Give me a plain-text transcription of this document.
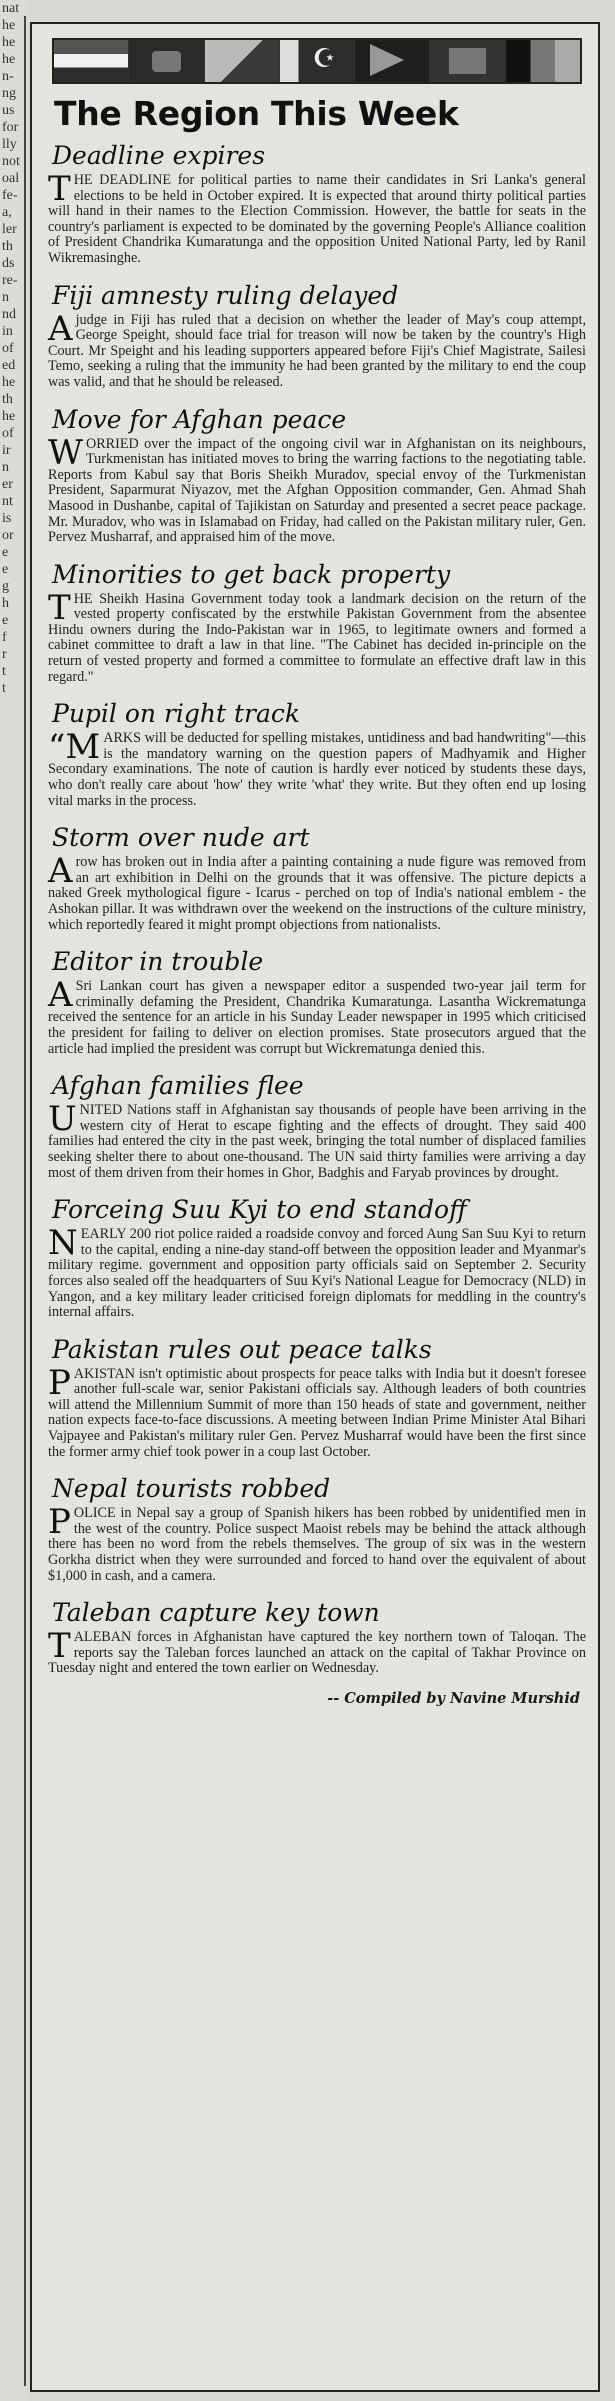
nat
he
he
he
n-
ng
us
for
lly
not
oal
fe-
a,
ler
th
ds
re-
n
nd
in
of
ed
he
th
he
of
ir
n
er
nt
is
or
e
e
g
h
e
f
r
t
t
☪
The Region This Week
Deadline expires

THE DEADLINE for political parties to name their candidates in Sri Lanka's general elections to be held in October expired. It is expected that around thirty political parties will hand in their names to the Election Commission. However, the battle for seats in the country's parliament is expected to be dominated by the governing People's Alliance coalition of President Chandrika Kumaratunga and the opposition United National Party, led by Ranil Wikremasinghe.

Fiji amnesty ruling delayed

A judge in Fiji has ruled that a decision on whether the leader of May's coup attempt, George Speight, should face trial for treason will now be taken by the country's High Court. Mr Speight and his leading supporters appeared before Fiji's Chief Magistrate, Sailesi Temo, seeking a ruling that the immunity he had been granted by the military to end the coup was valid, and that he should be released.

Move for Afghan peace

WORRIED over the impact of the ongoing civil war in Afghanistan on its neighbours, Turkmenistan has initiated moves to bring the warring factions to the negotiating table. Reports from Kabul say that Boris Sheikh Muradov, special envoy of the Turkmenistan President, Saparmurat Niyazov, met the Afghan Opposition commander, Gen. Ahmad Shah Masood in Dushanbe, capital of Tajikistan on Saturday and presented a secret peace package. Mr. Muradov, who was in Islamabad on Friday, had called on the Pakistan military ruler, Gen. Pervez Musharraf, and appraised him of the move.

Minorities to get back property

THE Sheikh Hasina Government today took a landmark decision on the return of the vested property confiscated by the erstwhile Pakistan Government from the absentee Hindu owners during the Indo-Pakistan war in 1965, to legitimate owners and formed a cabinet committee to draft a law in that line. "The Cabinet has decided in-principle on the return of vested property and formed a committee to formulate an effective draft law in this regard."

Pupil on right track

“MARKS will be deducted for spelling mistakes, untidiness and bad handwriting"—this is the mandatory warning on the question papers of Madhyamik and Higher Secondary examinations. The note of caution is hardly ever noticed by students these days, who don't really care about 'how' they write 'what' they write. But they often end up losing vital marks in the process.

Storm over nude art

A row has broken out in India after a painting containing a nude figure was removed from an art exhibition in Delhi on the grounds that it was offensive. The picture depicts a naked Greek mythological figure - Icarus - perched on top of India's national emblem - the Ashokan pillar. It was withdrawn over the weekend on the instructions of the culture ministry, which reportedly feared it might prompt objections from nationalists.

Editor in trouble

A Sri Lankan court has given a newspaper editor a suspended two-year jail term for criminally defaming the President, Chandrika Kumaratunga. Lasantha Wickrematunga received the sentence for an article in his Sunday Leader newspaper in 1995 which criticised the president for failing to deliver on election promises. State prosecutors argued that the article had implied the president was corrupt but Wickrematunga denied this.

Afghan families flee

UNITED Nations staff in Afghanistan say thousands of people have been arriving in the western city of Herat to escape fighting and the effects of drought. They said 400 families had entered the city in the past week, bringing the total number of displaced families seeking shelter there to about one-thousand. The UN said thirty families were arriving a day most of them driven from their homes in Ghor, Badghis and Faryab provinces by drought.

Forceing Suu Kyi to end standoff

NEARLY 200 riot police raided a roadside convoy and forced Aung San Suu Kyi to return to the capital, ending a nine-day stand-off between the opposition leader and Myanmar's military regime. government and opposition party officials said on September 2. Security forces also sealed off the headquarters of Suu Kyi's National League for Democracy (NLD) in Yangon, and a key military leader criticised foreign diplomats for meddling in the country's internal affairs.

Pakistan rules out peace talks

PAKISTAN isn't optimistic about prospects for peace talks with India but it doesn't foresee another full-scale war, senior Pakistani officials say. Although leaders of both countries will attend the Millennium Summit of more than 150 heads of state and government, neither nation expects face-to-face discussions. A meeting between Indian Prime Minister Atal Bihari Vajpayee and Pakistan's military ruler Gen. Pervez Musharraf would have been the first since the former army chief took power in a coup last October.

Nepal tourists robbed

POLICE in Nepal say a group of Spanish hikers has been robbed by unidentified men in the west of the country. Police suspect Maoist rebels may be behind the attack although there has been no word from the rebels themselves. The group of six was in the western Gorkha district when they were surrounded and forced to hand over the equivalent of about $1,000 in cash, and a camera.

Taleban capture key town

TALEBAN forces in Afghanistan have captured the key northern town of Taloqan. The reports say the Taleban forces launched an attack on the capital of Takhar Province on Tuesday night and entered the town earlier on Wednesday.

-- Compiled by Navine Murshid
